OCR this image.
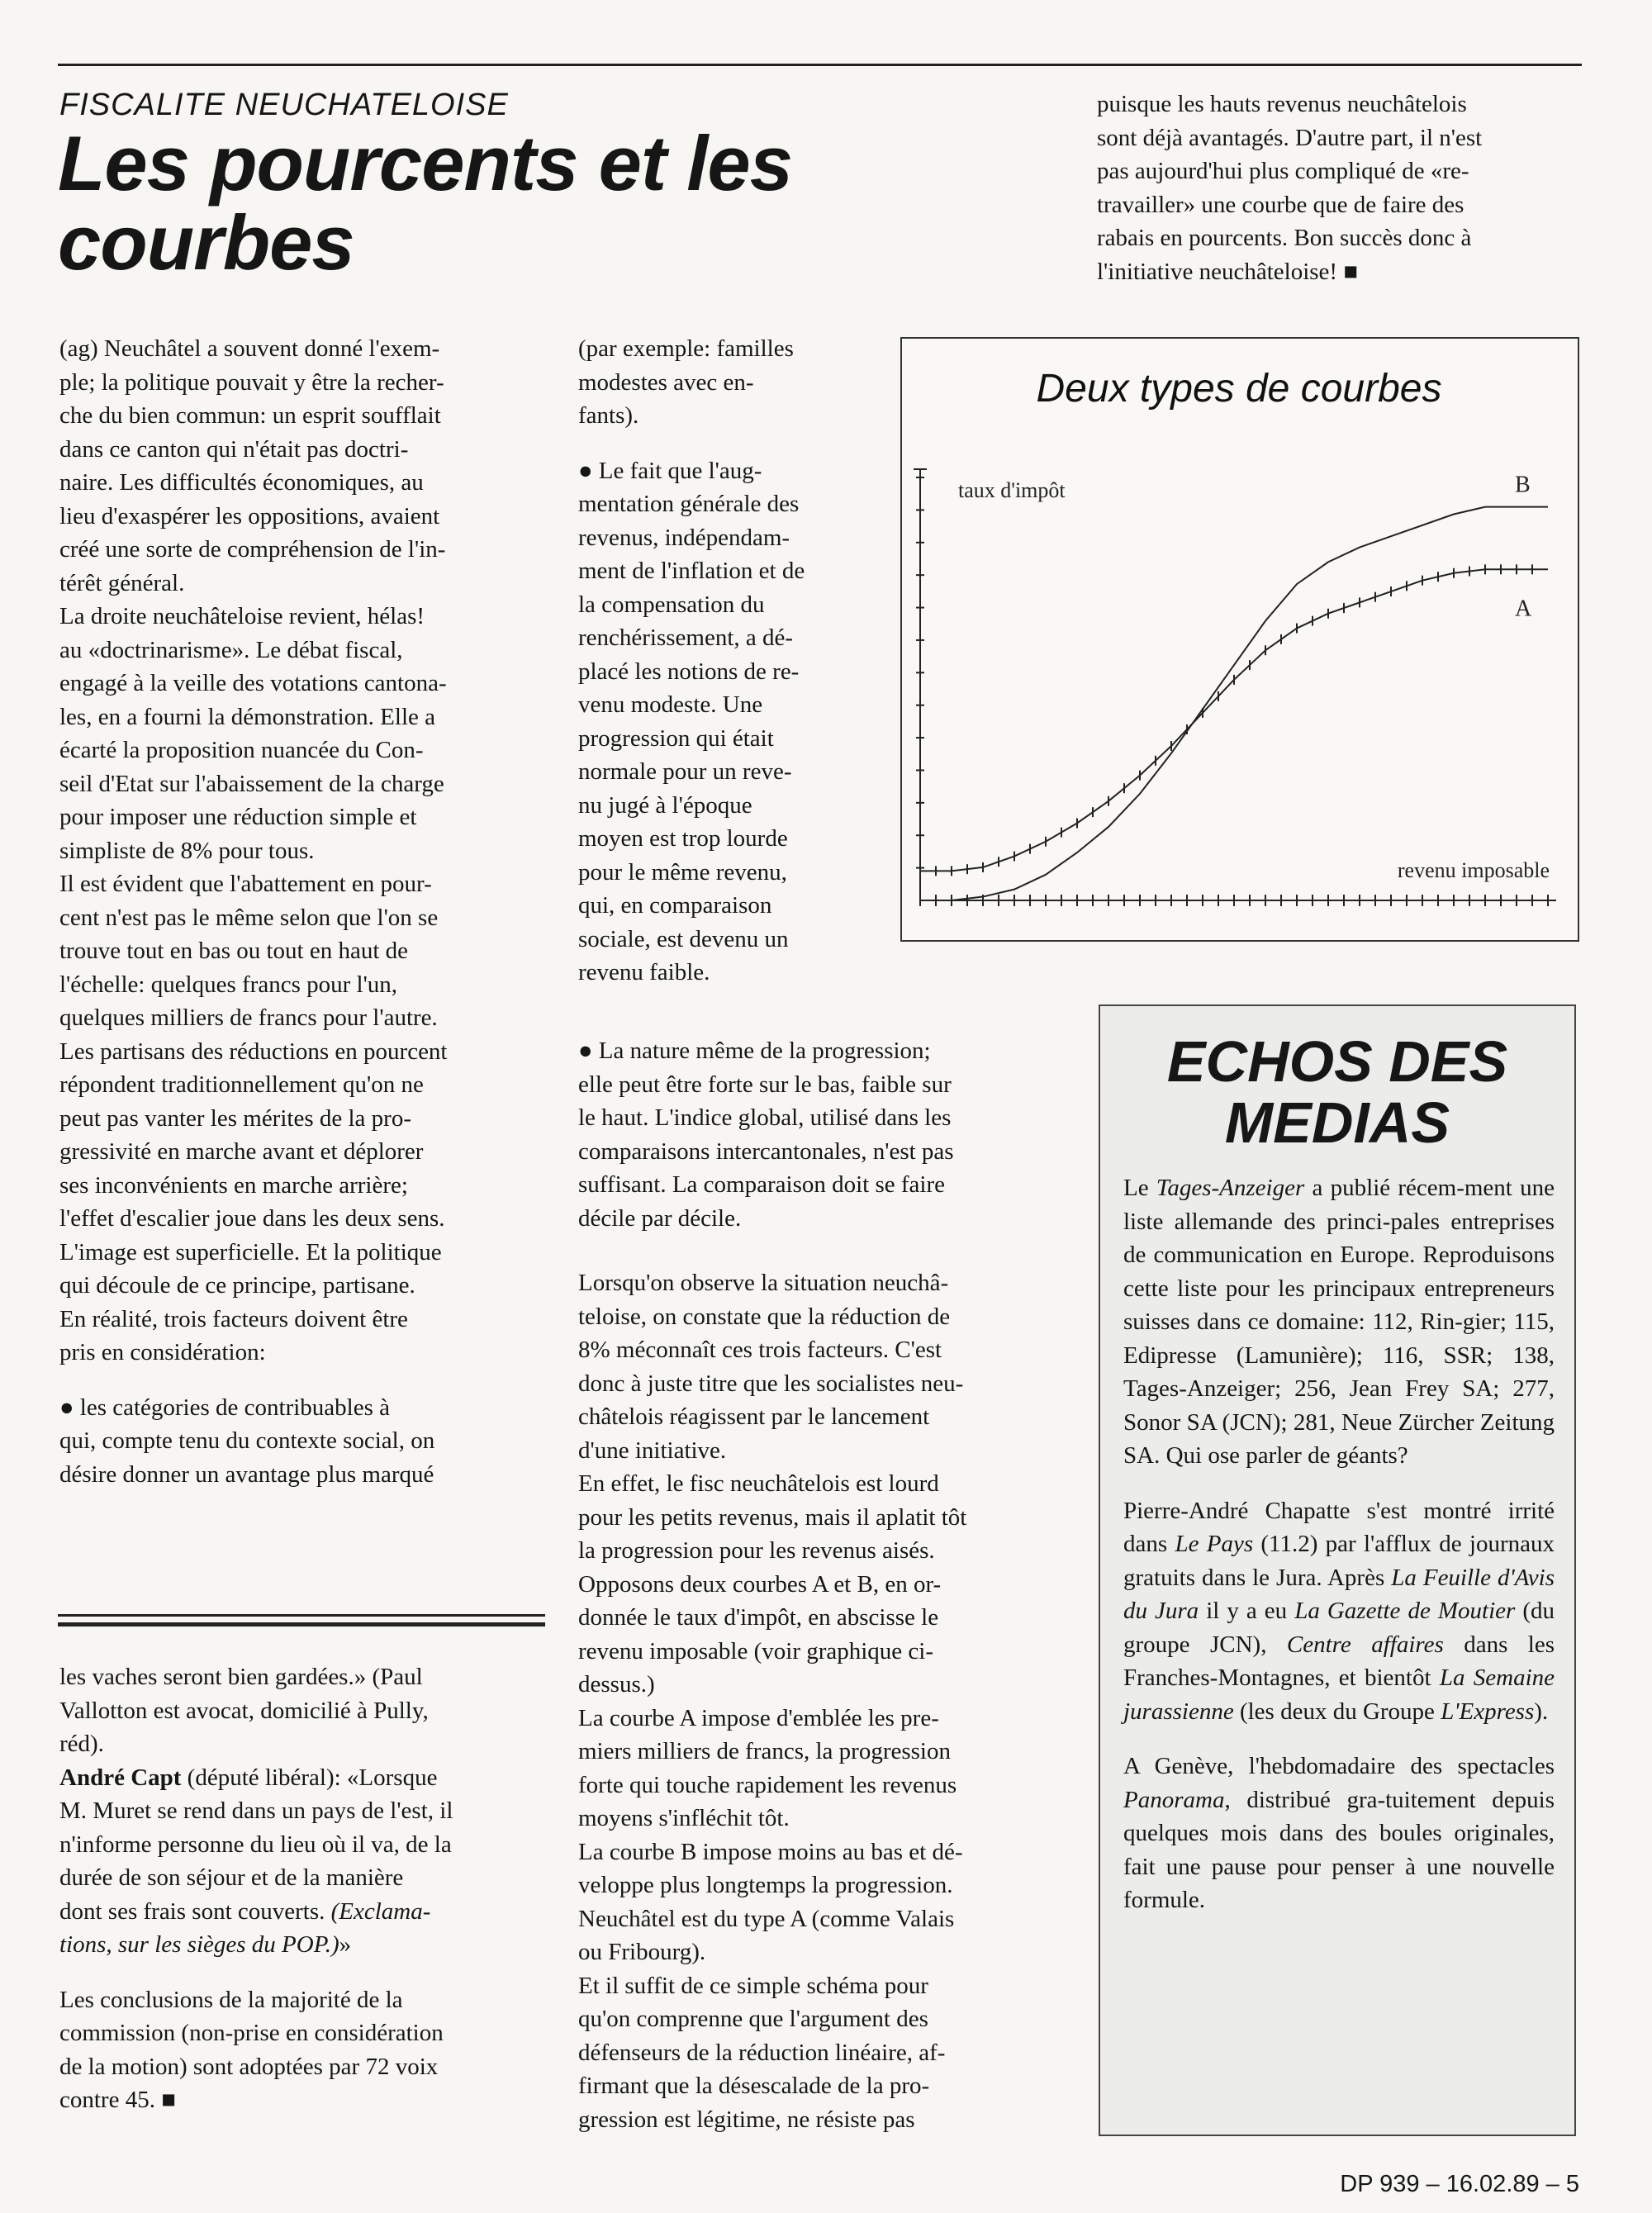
FISCALITE NEUCHATELOISE
Les pourcents et les
courbes

puisque les hauts revenus neuchâtelois

sont déjà avantagés. D'autre part, il n'est

pas aujourd'hui plus compliqué de «re-

travailler» une courbe que de faire des

rabais en pourcents. Bon succès donc à

l'initiative neuchâteloise! ■

(ag) Neuchâtel a souvent donné l'exem-

ple; la politique pouvait y être la recher-

che du bien commun: un esprit soufflait

dans ce canton qui n'était pas doctri-

naire. Les difficultés économiques, au

lieu d'exaspérer les oppositions, avaient

créé une sorte de compréhension de l'in-

térêt général.

La droite neuchâteloise revient, hélas!

au «doctrinarisme». Le débat fiscal,

engagé à la veille des votations cantona-

les, en a fourni la démonstration. Elle a

écarté la proposition nuancée du Con-

seil d'Etat sur l'abaissement de la charge

pour imposer une réduction simple et

simpliste de 8% pour tous.

Il est évident que l'abattement en pour-

cent n'est pas le même selon que l'on se

trouve tout en bas ou tout en haut de

l'échelle: quelques francs pour l'un,

quelques milliers de francs pour l'autre.

Les partisans des réductions en pourcent

répondent traditionnellement qu'on ne

peut pas vanter les mérites de la pro-

gressivité en marche avant et déplorer

ses inconvénients en marche arrière;

l'effet d'escalier joue dans les deux sens.

L'image est superficielle. Et la politique

qui découle de ce principe, partisane.

En réalité, trois facteurs doivent être

pris en considération:

● les catégories de contribuables à

qui, compte tenu du contexte social, on

désire donner un avantage plus marqué

(par exemple: familles

modestes avec en-

fants).

● Le fait que l'aug-

mentation générale des

revenus, indépendam-

ment de l'inflation et de

la compensation du

renchérissement, a dé-

placé les notions de re-

venu modeste. Une

progression qui était

normale pour un reve-

nu jugé à l'époque

moyen est trop lourde

pour le même revenu,

qui, en comparaison

sociale, est devenu un

revenu faible.

Deux types de courbes
taux d'impôt
revenu imposable
A
B

● La nature même de la progression;

elle peut être forte sur le bas, faible sur

le haut. L'indice global, utilisé dans les

comparaisons intercantonales, n'est pas

suffisant. La comparaison doit se faire

décile par décile.

Lorsqu'on observe la situation neuchâ-

teloise, on constate que la réduction de

8% méconnaît ces trois facteurs. C'est

donc à juste titre que les socialistes neu-

châtelois réagissent par le lancement

d'une initiative.

En effet, le fisc neuchâtelois est lourd

pour les petits revenus, mais il aplatit tôt

la progression pour les revenus aisés.

Opposons deux courbes A et B, en or-

donnée le taux d'impôt, en abscisse le

revenu imposable (voir graphique ci-

dessus.)

La courbe A impose d'emblée les pre-

miers milliers de francs, la progression

forte qui touche rapidement les revenus

moyens s'infléchit tôt.

La courbe B impose moins au bas et dé-

veloppe plus longtemps la progression.

Neuchâtel est du type A (comme Valais

ou Fribourg).

Et il suffit de ce simple schéma pour

qu'on comprenne que l'argument des

défenseurs de la réduction linéaire, af-

firmant que la désescalade de la pro-

gression est légitime, ne résiste pas

les vaches seront bien gardées.» (Paul

Vallotton est avocat, domicilié à Pully,

réd).

André Capt (député libéral): «Lorsque

M. Muret se rend dans un pays de l'est, il

n'informe personne du lieu où il va, de la

durée de son séjour et de la manière

dont ses frais sont couverts. (Exclama-

tions, sur les sièges du POP.)»

Les conclusions de la majorité de la

commission (non-prise en considération

de la motion) sont adoptées par 72 voix

contre 45. ■

ECHOS DES
MEDIAS

Le Tages-Anzeiger a publié récem-ment une liste allemande des princi-pales entreprises de communication en Europe. Reproduisons cette liste pour les principaux entrepreneurs suisses dans ce domaine: 112, Rin-gier; 115, Edipresse (Lamunière); 116, SSR; 138, Tages-Anzeiger; 256, Jean Frey SA; 277, Sonor SA (JCN); 281, Neue Zürcher Zeitung SA. Qui ose parler de géants?

Pierre-André Chapatte s'est montré irrité dans Le Pays (11.2) par l'afflux de journaux gratuits dans le Jura. Après La Feuille d'Avis du Jura il y a eu La Gazette de Moutier (du groupe JCN), Centre affaires dans les Franches-Montagnes, et bientôt La Semaine jurassienne (les deux du Groupe L'Express).

A Genève, l'hebdomadaire des spectacles Panorama, distribué gra-tuitement depuis quelques mois dans des boules originales, fait une pause pour penser à une nouvelle formule.

DP 939 – 16.02.89 – 5
